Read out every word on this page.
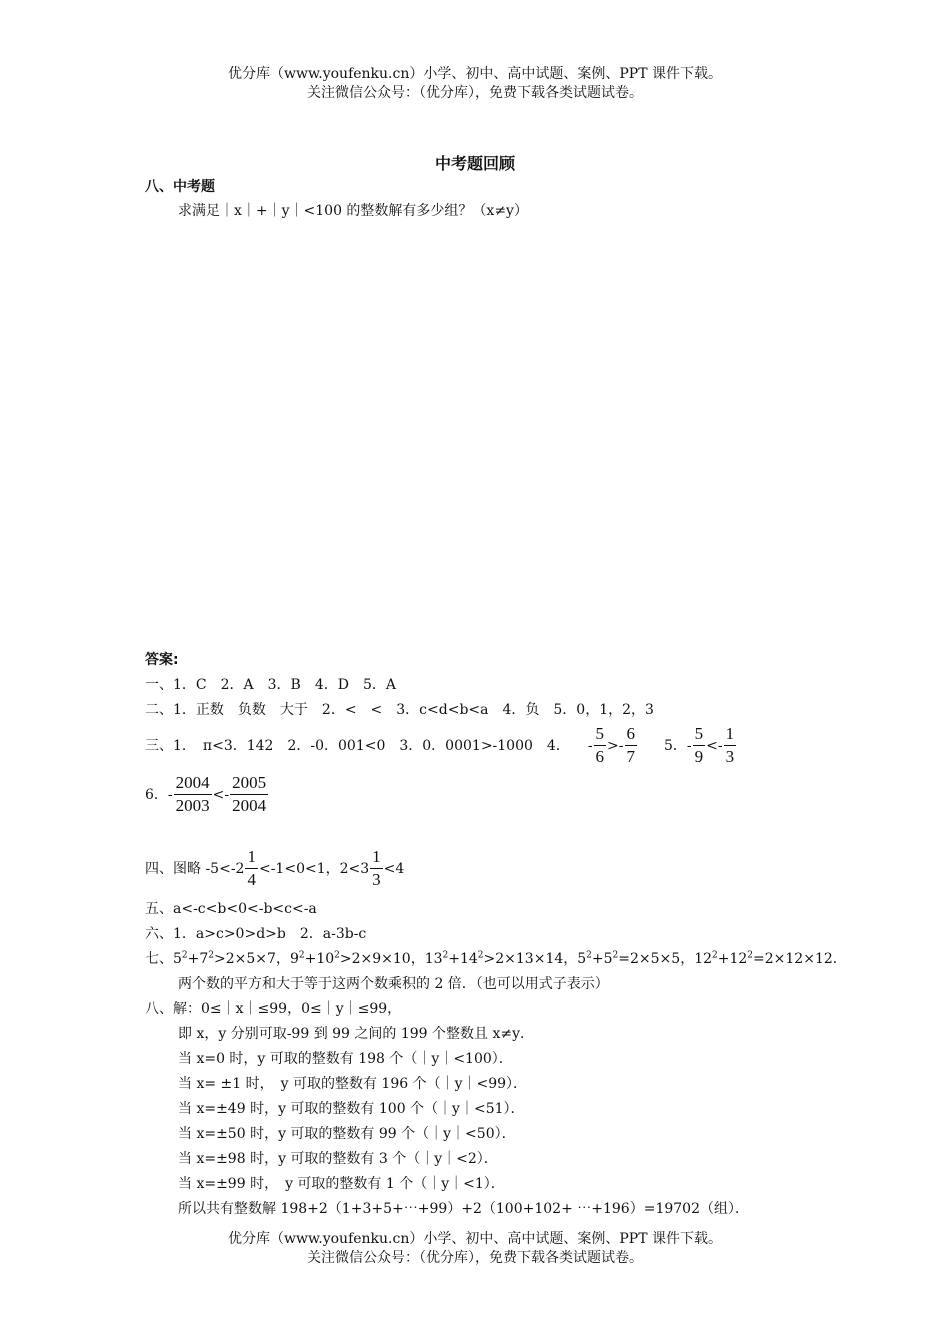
优分库（www.youfenku.cn）小学、初中、高中试题、案例、PPT 课件下载。
关注微信公众号：（优分库），免费下载各类试题试卷。
中考题回顾
八、中考题
求满足｜x｜+｜y｜<100 的整数解有多少组？（x≠y）
答案:
一、1．C　2．A　3．B　4．D　5．A
二、1．正数　负数　大于　2．<　<　3．c<d<b<a　4．负　5．0，1，2，3
三、1．　π<3．142　2．-0．001<0　3．0．0001>-1000　4． - $\frac{5}{6} >- \frac{6}{7} 5$．- $\frac{5}{9} <- \frac{1}{3}$
6．- $\frac{2004}{2003} <- \frac{2005}{2004}$
四、图略 $-5<-2 \frac{1}{4} <-1<0<1$，$2<3 \frac{1}{3} <4$
五、a<-c<b<0<-b<c<-a
六、1．a>c>0>d>b　2．a-3b-c
七、$5^2+7^2>2\times 5\times 7$，$9^2+10^2>2\times 9\times 10$，$13^2+14^2>2\times 13\times 14$，$5^2+5^2=2\times 5\times 5$，$12^2+12^2=2\times 12\times 12$．
两个数的平方和大于等于这两个数乘积的 2 倍．（也可以用式子表示）
八、解：0≤｜x｜≤99，0≤｜y｜≤99，
即 x，y 分别可取-99 到 99 之间的 199 个整数且 x≠y．
当 x=0 时，y 可取的整数有 198 个（｜y｜<100）．
当 x= ±1 时，　y 可取的整数有 196 个（｜y｜<99）．
当 x=±49 时，y 可取的整数有 100 个（｜y｜<51）．
当 x=±50 时，y 可取的整数有 99 个（｜y｜<50）．
当 x=±98 时，y 可取的整数有 3 个（｜y｜<2）．
当 x=±99 时，　y 可取的整数有 1 个（｜y｜<1）．
所以共有整数解 198+2（1+3+5+⋯+99）+2（100+102+ ⋯+196）=19702（组）．
优分库（www.youfenku.cn）小学、初中、高中试题、案例、PPT 课件下载。
关注微信公众号：（优分库），免费下载各类试题试卷。
